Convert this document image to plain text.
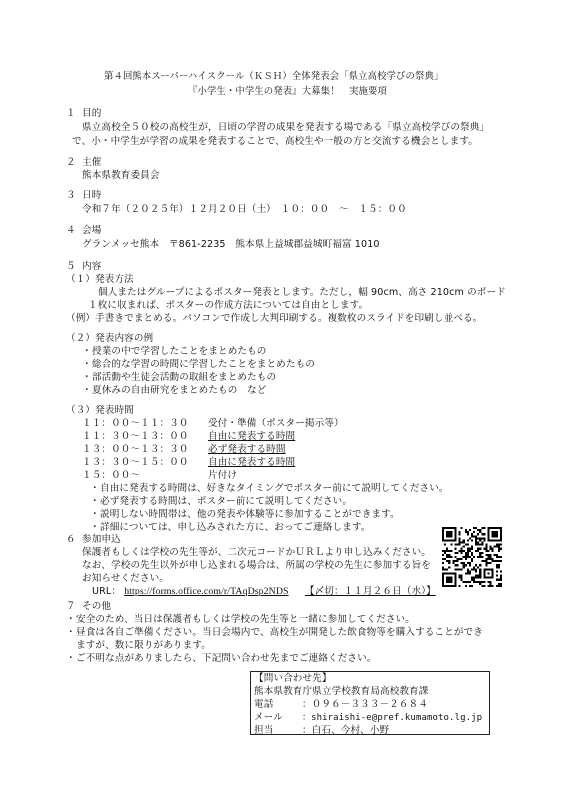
第４回熊本スーパーハイスクール（ＫＳＨ）全体発表会「県立高校学びの祭典」
『小学生・中学生の発表』大募集！　実施要項
１ 目的
県立高校全５０校の高校生が，日頃の学習の成果を発表する場である「県立高校学びの祭典」
で、小・中学生が学習の成果を発表することで、高校生や一般の方と交流する機会とします。
２ 主催
熊本県教育委員会
３ 日時
令和７年（２０２５年）１２月２０日（土）　１０：００　～　１５：００
４ 会場
グランメッセ熊本　〒861-2235　熊本県上益城郡益城町福富 1010
５ 内容
（１）発表方法
個人またはグループによるポスター発表とします。ただし，幅 90cm、高さ 210cm のボード
１枚に収まれば、ポスターの作成方法については自由とします。
（例）手書きでまとめる。パソコンで作成し大判印刷する。複数枚のスライドを印刷し並べる。
（２）発表内容の例
・授業の中で学習したことをまとめたもの
・総合的な学習の時間に学習したことをまとめたもの
・部活動や生徒会活動の取組をまとめたもの
・夏休みの自由研究をまとめたもの　など
（３）発表時間
１１：００～１１：３０ 受付・準備（ポスター掲示等）
１１：３０～１３：００ 自由に発表する時間
１３：００～１３：３０ 必ず発表する時間
１３：３０～１５：００ 自由に発表する時間
１５：００～	片付け
・自由に発表する時間は、好きなタイミングでポスター前にて説明してください。
・必ず発表する時間は、ポスター前にて説明してください。
・説明しない時間帯は、他の発表や体験等に参加することができます。
・詳細については、申し込みされた方に、おってご連絡します。
６ 参加申込
保護者もしくは学校の先生等が、二次元コードかＵＲＬより申し込みください。
なお、学校の先生以外が申し込まれる場合は、所属の学校の先生に参加する旨を
お知らせください。
URL： https://forms.office.com/r/TAqDsp2NDS 【〆切：１１月２６日（水）】
７ その他
・安全のため、当日は保護者もしくは学校の先生等と一緒に参加してください。
・昼食は各自ご準備ください。当日会場内で、高校生が開発した飲食物等を購入することができ
ますが、数に限りがあります。
・ご不明な点がありましたら、下記問い合わせ先までご連絡ください。
【問い合わせ先】
熊本県教育庁県立学校教育局高校教育課
電話	：０９６－３３３－２６８４
メール ：shiraishi-e@pref.kumamoto.lg.jp
担当	：白石、今村、小野
